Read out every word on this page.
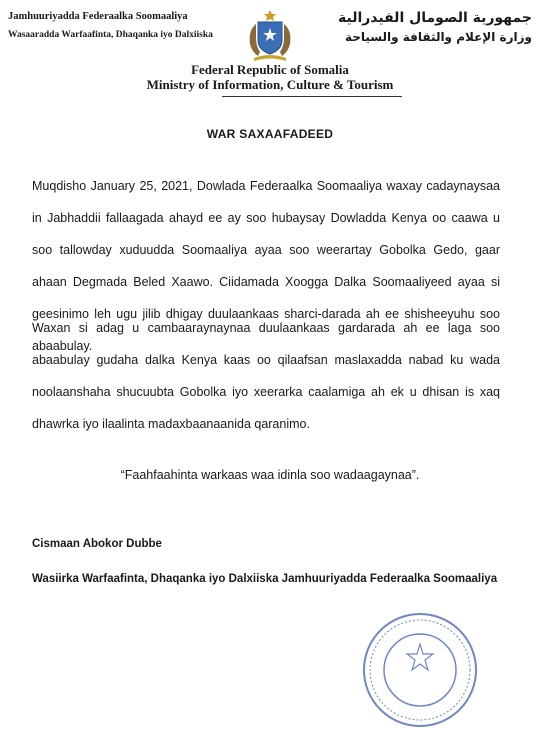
Jamhuuriyadda Federaalka Soomaaliya
Wasaaradda Warfaafinta, Dhaqanka iyo Dalxiiska
جمهورية الصومال الفيدرالية
وزارة الإعلام والثقافة والسياحة
Federal Republic of Somalia
Ministry of Information, Culture & Tourism
WAR SAXAAFADEED

Muqdisho January 25, 2021, Dowlada Federaalka Soomaaliya waxay cadaynaysaa in Jabhaddii fallaagada ahayd ee ay soo hubaysay Dowladda Kenya oo caawa u soo tallowday xuduudda Soomaaliya ayaa soo weerartay Gobolka Gedo, gaar ahaan Degmada Beled Xaawo. Ciidamada Xoogga Dalka Soomaaliyeed ayaa si geesinimo leh ugu jilib dhigay duulaankaas sharci-darada ah ee shisheeyuhu soo abaabulay.

Waxan si adag u cambaaraynaynaa duulaankaas gardarada ah ee laga soo abaabulay gudaha dalka Kenya kaas oo qilaafsan maslaxadda nabad ku wada noolaanshaha shucuubta Gobolka iyo xeerarka caalamiga ah ek u dhisan is xaq dhawrka iyo ilaalinta madaxbaanaanida qaranimo.

“Faahfaahinta warkaas waa idinla soo wadaagaynaa”.
Cismaan Abokor Dubbe

Wasiirka Warfaafinta, Dhaqanka iyo Dalxiiska Jamhuuriyadda Federaalka Soomaaliya
